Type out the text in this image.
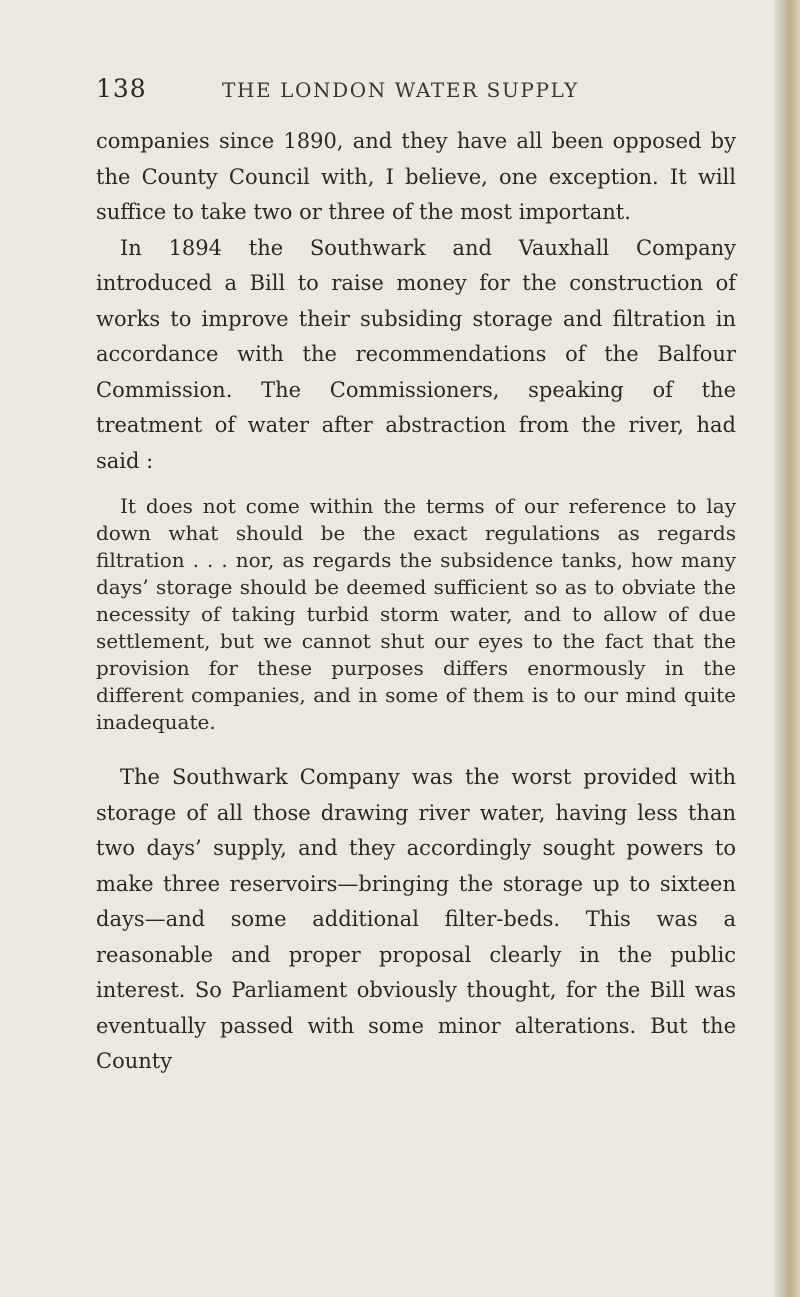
138	THE LONDON WATER SUPPLY

companies since 1890, and they have all been opposed by the County Council with, I believe, one exception. It will suffice to take two or three of the most important.

In 1894 the Southwark and Vauxhall Company introduced a Bill to raise money for the construction of works to improve their subsiding storage and filtration in accordance with the recommendations of the Balfour Commission. The Commissioners, speaking of the treatment of water after abstraction from the river, had said :

It does not come within the terms of our reference to lay down what should be the exact regulations as regards filtration . . . nor, as regards the subsidence tanks, how many days’ storage should be deemed sufficient so as to obviate the necessity of taking turbid storm water, and to allow of due settlement, but we cannot shut our eyes to the fact that the provision for these purposes differs enormously in the different companies, and in some of them is to our mind quite inadequate.

The Southwark Company was the worst provided with storage of all those drawing river water, having less than two days’ supply, and they accordingly sought powers to make three reservoirs—bringing the storage up to sixteen days—and some additional filter-beds. This was a reasonable and proper proposal clearly in the public interest. So Parliament obviously thought, for the Bill was eventually passed with some minor alterations. But the County
